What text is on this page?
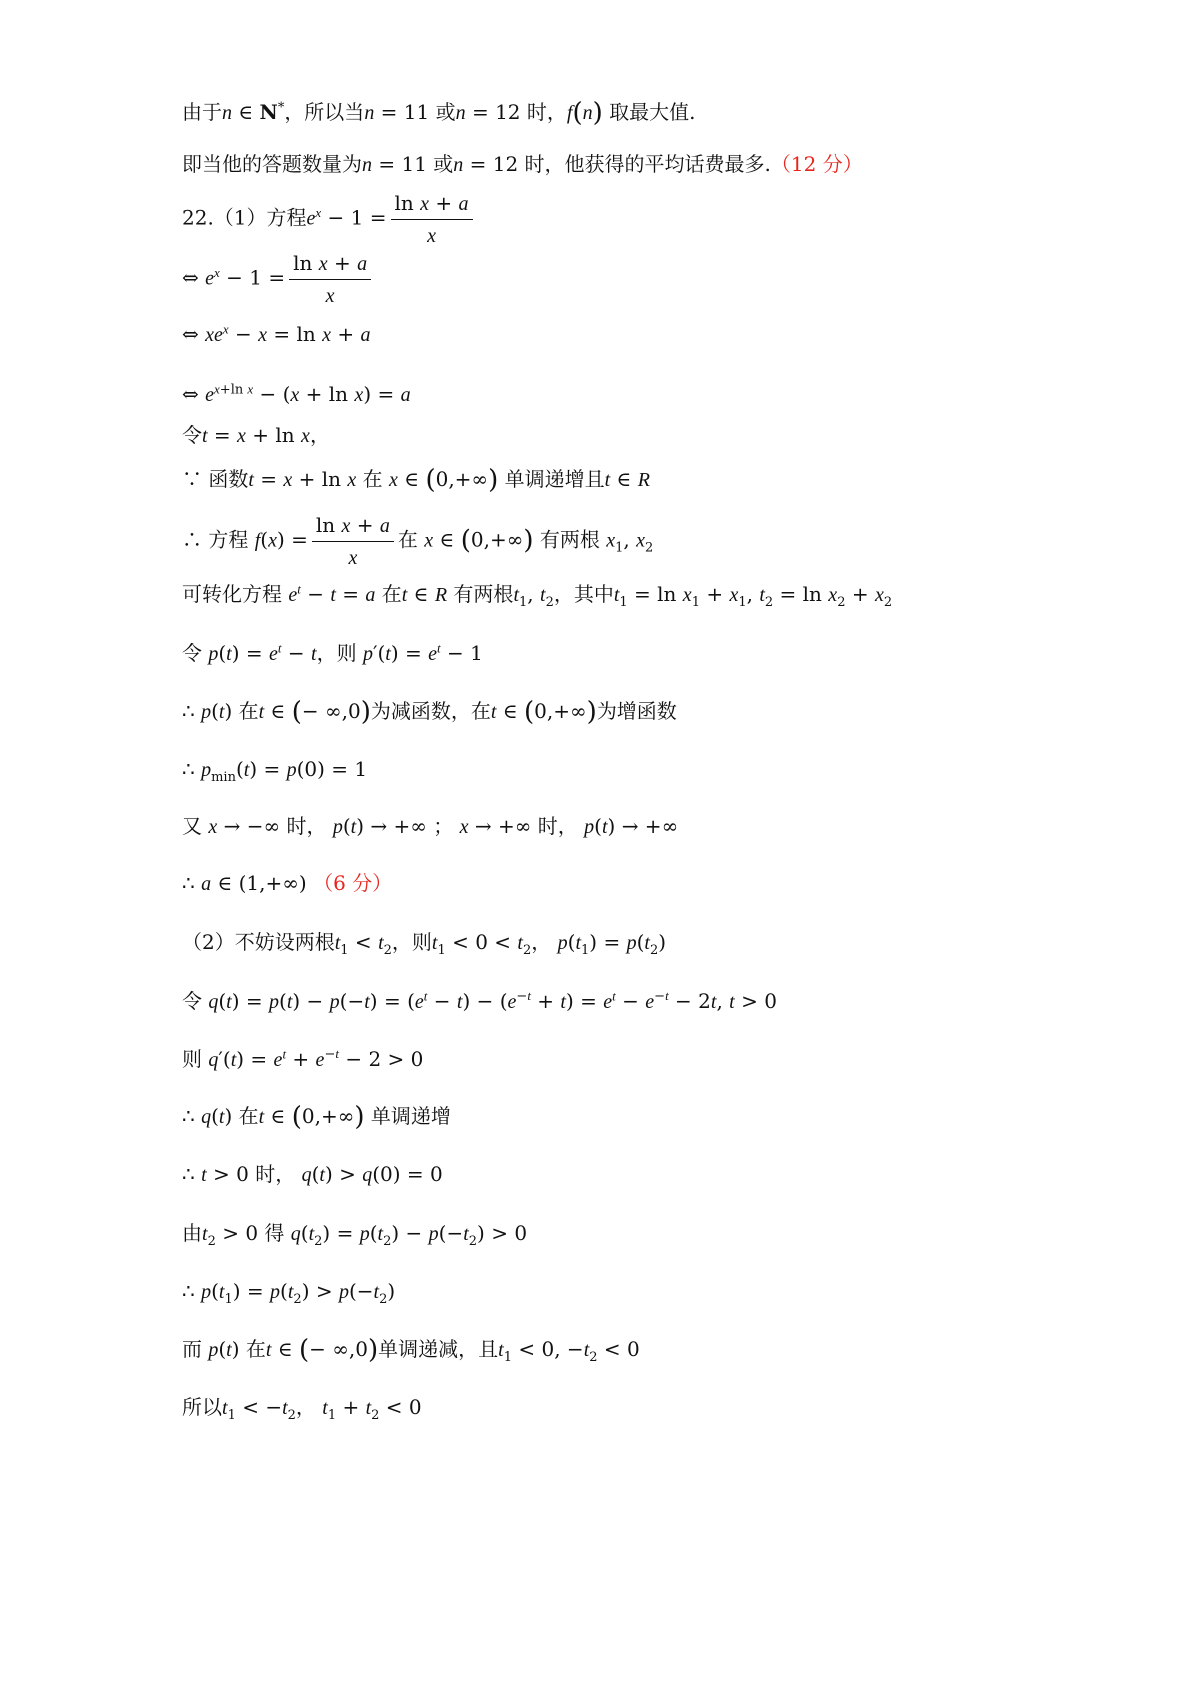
由于n ∈ N*，所以当n = 11 或n = 12 时，f(n) 取最大值.
即当他的答题数量为n = 11 或n = 12 时，他获得的平均话费最多.（12 分）
22.（1）方程$e^x - 1 = \frac{\text{ln x + a}}{x}$
⇔ $e^x - 1 = \frac{\text{ln x + a}}{x}$
⇔ $xe^x - x = \ln x + a$
⇔ $e^{x+ln}$ $^x$ − (x + ln x) = a
令t = x + ln x，
∵ 函数t = x + ln x 在 x ∈ (0,+∞) 单调递增且t ∈ R
∴ 方程 $f(x) = \frac{\text{ln x + a}}{x}$ 在 x ∈ (0,+∞) 有两根 $x_1$, $x_2$
可转化方程 $e^t - t = a$ 在t ∈ R 有两根$t_1$, $t_2$，其中$t_1 = \ln x_1 + x_1$, $t_2 = \ln x_2 + x_2$
令 $p(t) = e^t - t$，则 $p'(t) = e^t - 1$
∴ p(t) 在t ∈ (− ∞,0)为减函数，在t ∈ (0,+∞)为增函数
∴ $p_{min}(t) = p(0) = 1$
又 x → −∞ 时， p(t) → +∞ ； x → +∞ 时， p(t) → +∞
∴ a ∈ (1,+∞) （6 分）
（2）不妨设两根$t_1 < t_2$，则$t_1 < 0 < t_2$， $p(t_1) = p(t_2)$
令 $q(t) = p(t) - p(-t) = (e^t - t) - (e^{-t} + t) = e^t - e^{-t} - 2t$, t > 0
则 $q'(t) = e^t + e^{-t} - 2 > 0$
∴ q(t) 在t ∈ (0,+∞) 单调递增
∴ t > 0 时， q(t) > q(0) = 0
由$t_2 > 0$ 得 $q(t_2) = p(t_2) - p(-t_2) > 0$
∴ $p(t_1) = p(t_2) > p(-t_2)$
而 p(t) 在t ∈ (− ∞,0)单调递减，且$t_1 < 0$, $-t_2 < 0$
所以$t_1 < -t_2$， $t_1 + t_2 < 0$
